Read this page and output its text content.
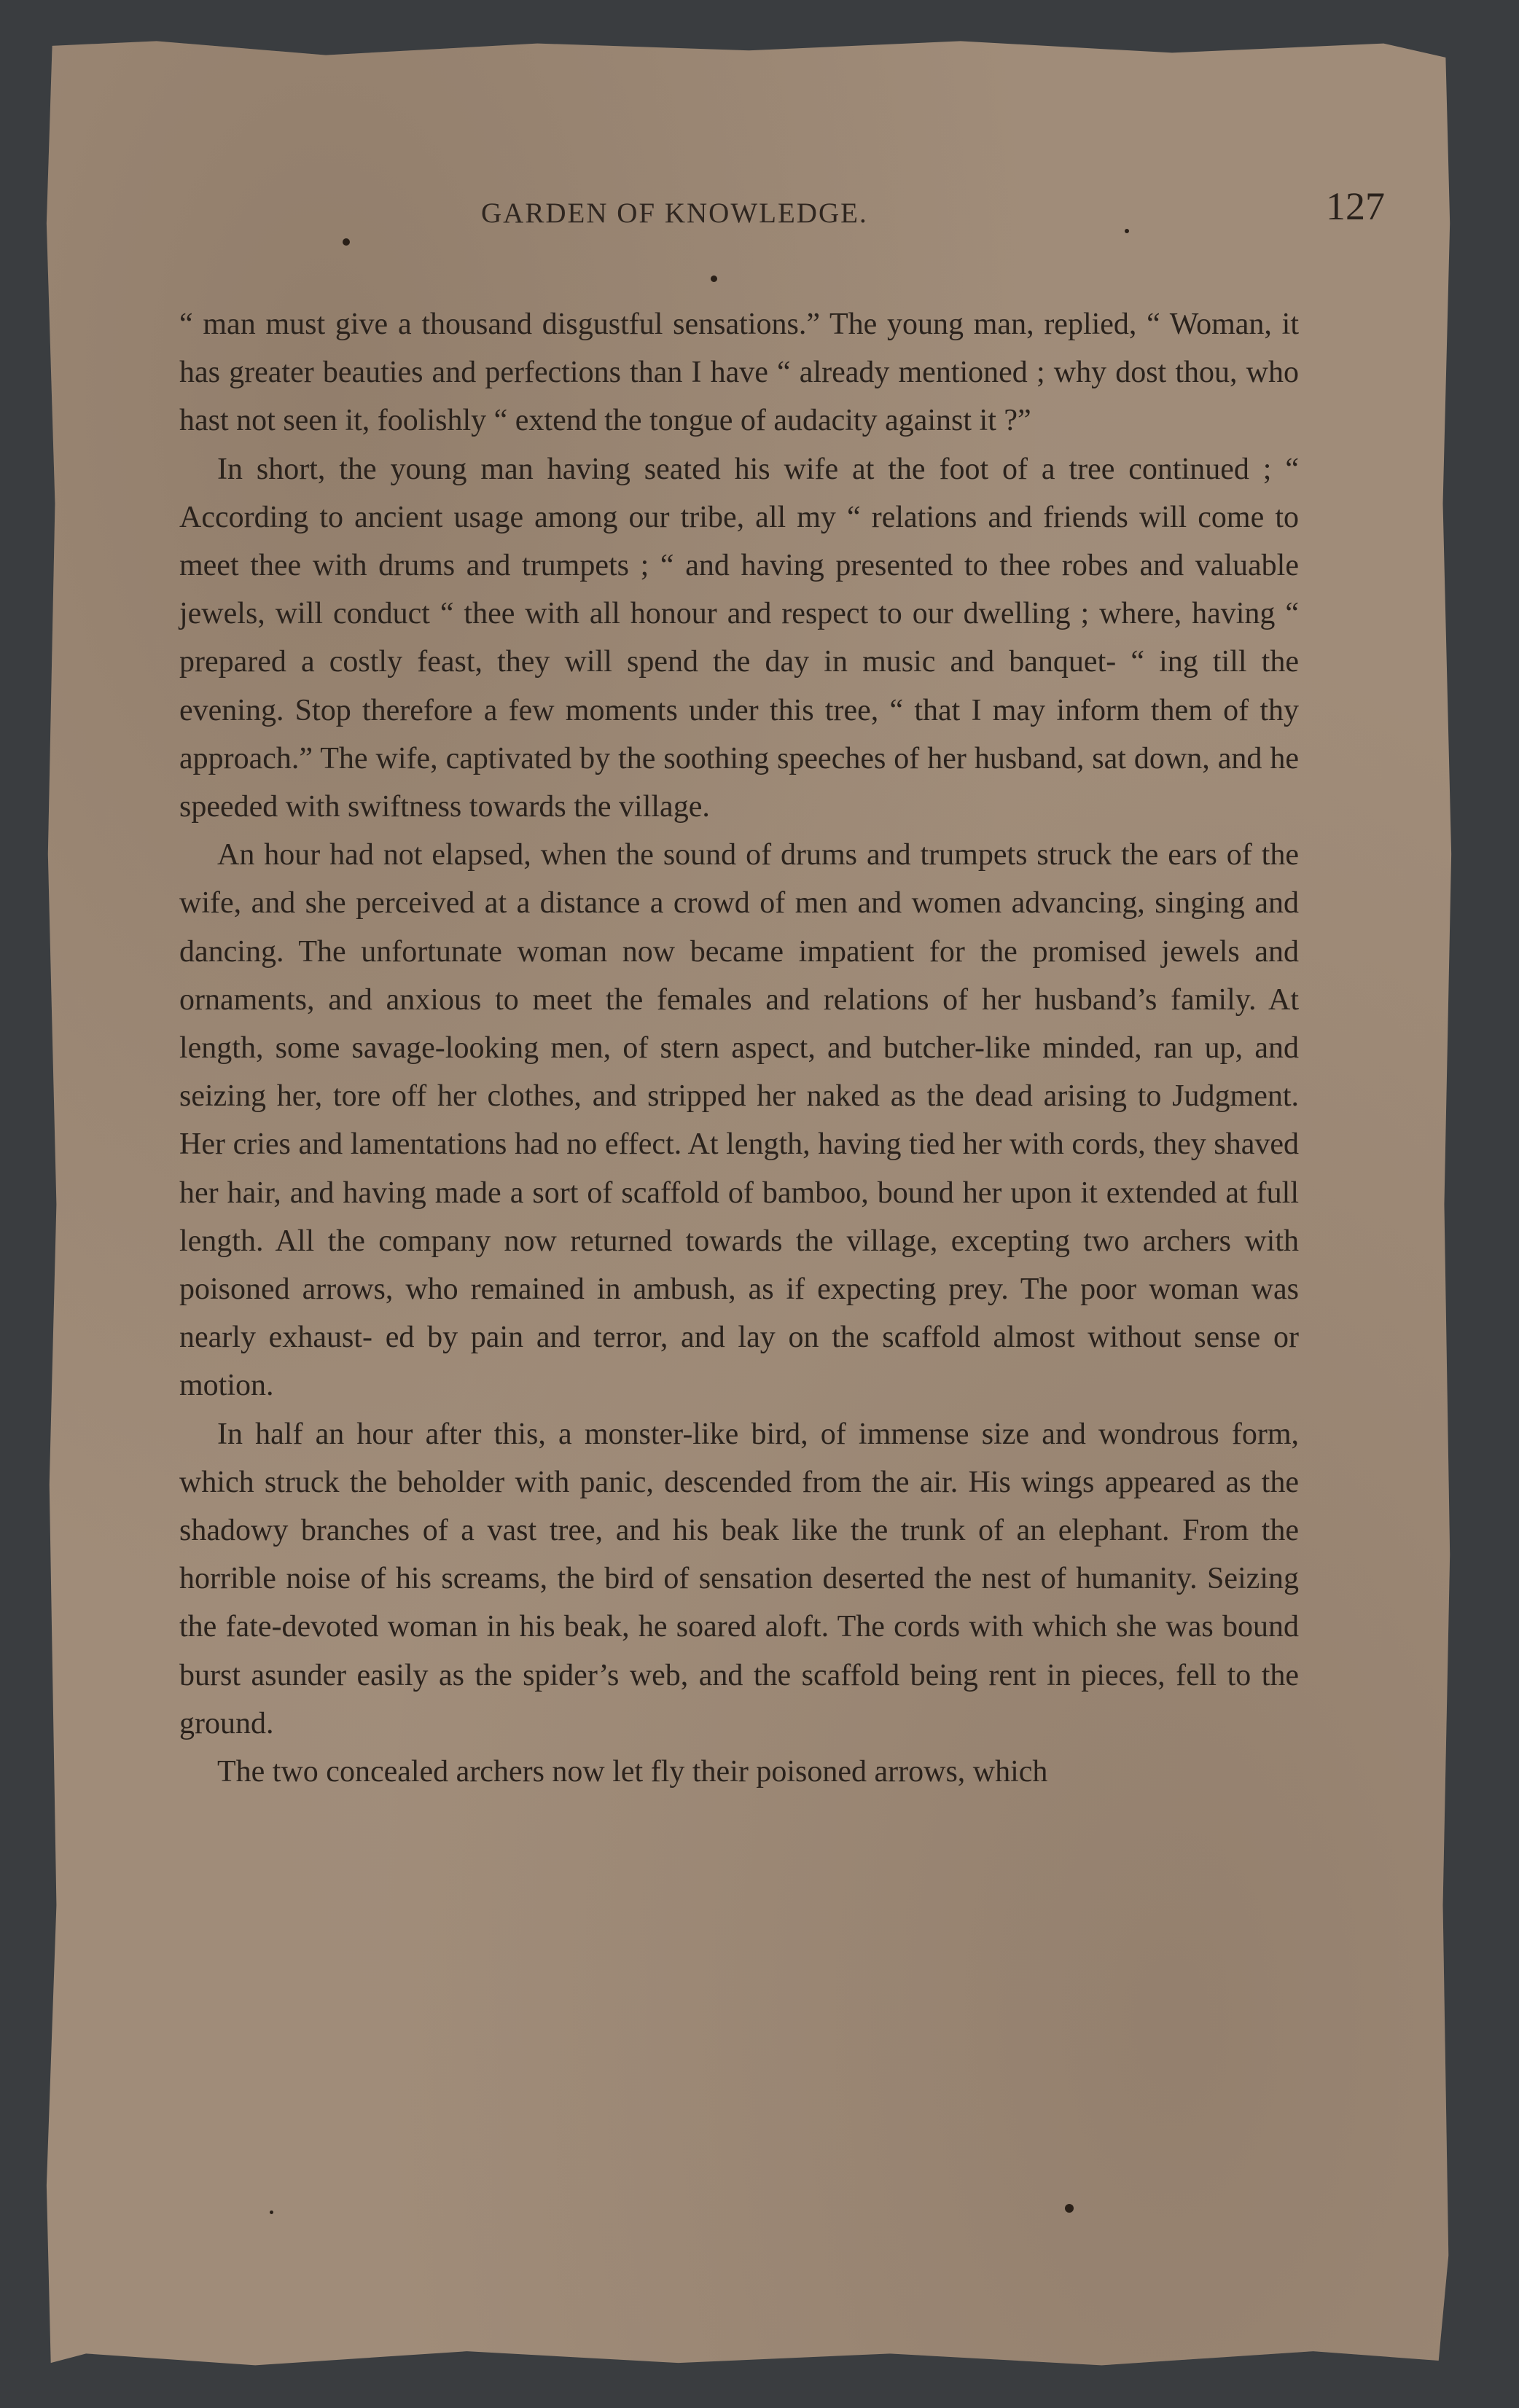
GARDEN OF KNOWLEDGE.	127

“ man must give a thousand disgustful sensations.” The young man, replied, “ Woman, it has greater beauties and perfections than I have “ already mentioned ; why dost thou, who hast not seen it, foolishly “ extend the tongue of audacity against it ?”

In short, the young man having seated his wife at the foot of a tree continued ; “ According to ancient usage among our tribe, all my “ relations and friends will come to meet thee with drums and trumpets ; “ and having presented to thee robes and valuable jewels, will conduct “ thee with all honour and respect to our dwelling ; where, having “ prepared a costly feast, they will spend the day in music and banquet- “ ing till the evening. Stop therefore a few moments under this tree, “ that I may inform them of thy approach.” The wife, captivated by the soothing speeches of her husband, sat down, and he speeded with swiftness towards the village.

An hour had not elapsed, when the sound of drums and trumpets struck the ears of the wife, and she perceived at a distance a crowd of men and women advancing, singing and dancing. The unfortunate woman now became impatient for the promised jewels and ornaments, and anxious to meet the females and relations of her husband’s family. At length, some savage-looking men, of stern aspect, and butcher-like minded, ran up, and seizing her, tore off her clothes, and stripped her naked as the dead arising to Judgment. Her cries and lamentations had no effect. At length, having tied her with cords, they shaved her hair, and having made a sort of scaffold of bamboo, bound her upon it extended at full length. All the company now returned towards the village, excepting two archers with poisoned arrows, who remained in ambush, as if expecting prey. The poor woman was nearly exhaust- ed by pain and terror, and lay on the scaffold almost without sense or motion.

In half an hour after this, a monster-like bird, of immense size and wondrous form, which struck the beholder with panic, descended from the air. His wings appeared as the shadowy branches of a vast tree, and his beak like the trunk of an elephant. From the horrible noise of his screams, the bird of sensation deserted the nest of humanity. Seizing the fate-devoted woman in his beak, he soared aloft. The cords with which she was bound burst asunder easily as the spider’s web, and the scaffold being rent in pieces, fell to the ground.

The two concealed archers now let fly their poisoned arrows, which
